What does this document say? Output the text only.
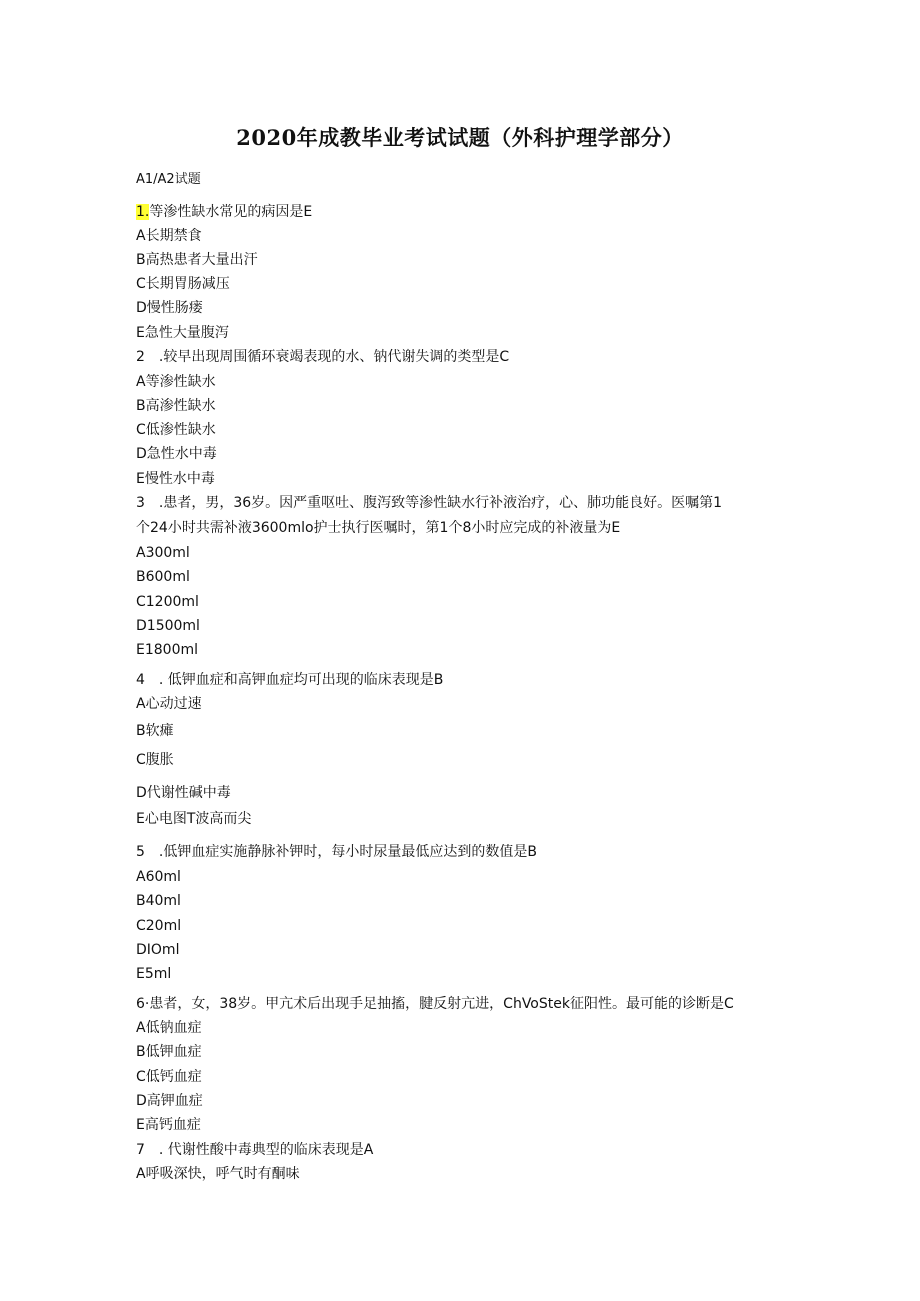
2020年成教毕业考试试题（外科护理学部分）
A1/A2试题
1.等渗性缺水常见的病因是E
A长期禁食
B高热患者大量出汗
C长期胃肠减压
D慢性肠瘘
E急性大量腹泻
2　.较早出现周围循环衰竭表现的水、钠代谢失调的类型是C
A等渗性缺水
B高渗性缺水
C低渗性缺水
D急性水中毒
E慢性水中毒
3　.患者，男，36岁。因严重呕吐、腹泻致等渗性缺水行补液治疗，心、肺功能良好。医嘱第1
个24小时共需补液3600mlo护士执行医嘱时，第1个8小时应完成的补液量为E
A300ml
B600ml
C1200ml
D1500ml
E1800ml
4　. 低钾血症和高钾血症均可出现的临床表现是B
A心动过速
B软瘫
C腹胀
D代谢性碱中毒
E心电图T波高而尖
5　.低钾血症实施静脉补钾时，每小时尿量最低应达到的数值是B
A60ml
B40ml
C20ml
DIOml
E5ml
6·患者，女，38岁。甲亢术后出现手足抽搐，腱反射亢进，ChVoStek征阳性。最可能的诊断是C
A低钠血症
B低钾血症
C低钙血症
D高钾血症
E高钙血症
7　. 代谢性酸中毒典型的临床表现是A
A呼吸深快，呼气时有酮味
